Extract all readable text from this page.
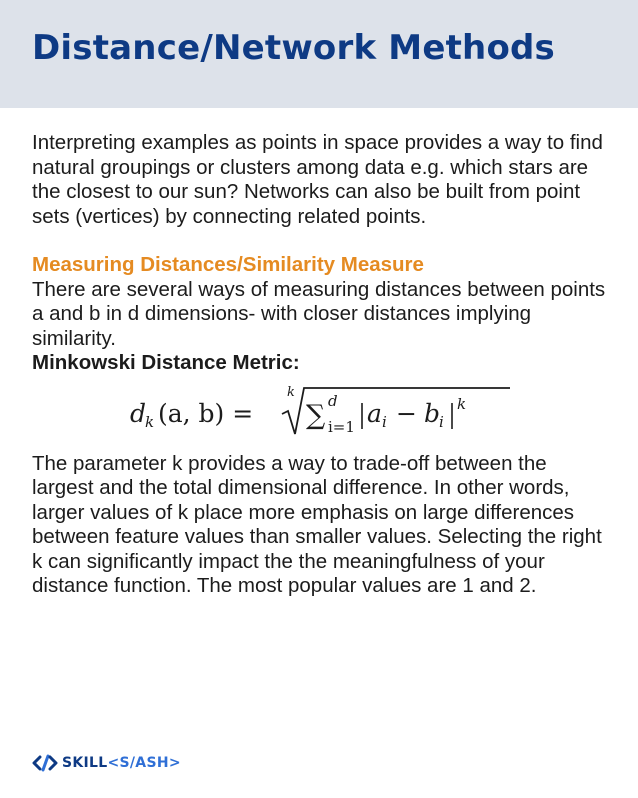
Distance/Network Methods

Interpreting examples as points in space provides a way to find natural groupings or clusters among data e.g. which stars are the closest to our sun? Networks can also be built from point sets (vertices) by connecting related points.

Measuring Distances/Similarity Measure

There are several ways of measuring distances between points a and b in d dimensions- with closer distances implying similarity.

Minkowski Distance Metric:

d
k (a, b) =
k
∑ d
i=1 a i − b
i
k

The parameter k provides a way to trade-off between the largest and the total dimensional difference. In other words, larger values of k place more emphasis on large differences between feature values than smaller values. Selecting the right k can significantly impact the the meaningfulness of your distance function. The most popular values are 1 and 2.

SKILL<S/ASH>
